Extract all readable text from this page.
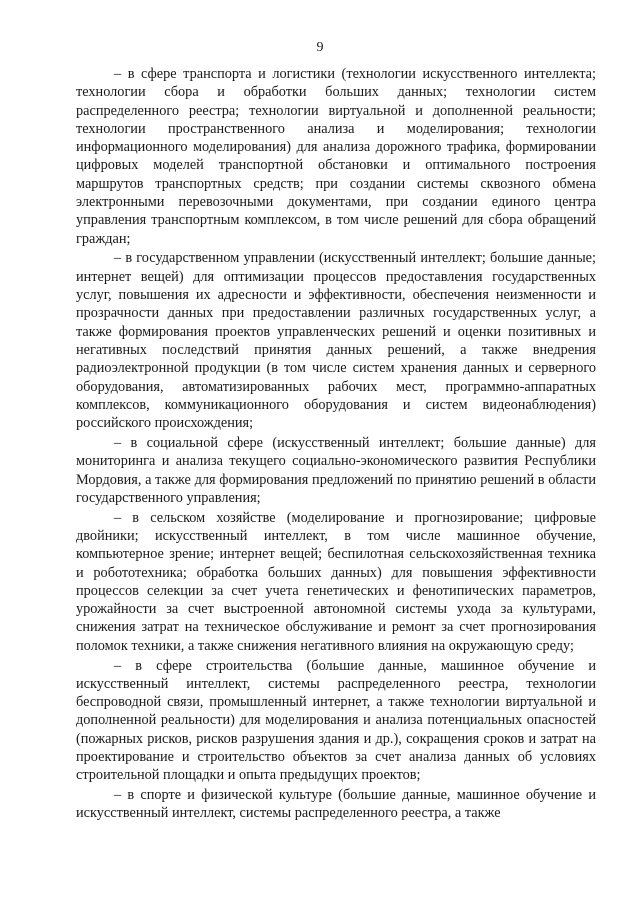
9

– в сфере транспорта и логистики (технологии искусственного интеллекта; технологии сбора и обработки больших данных; технологии систем распределенного реестра; технологии виртуальной и дополненной реальности; технологии пространственного анализа и моделирования; технологии информационного моделирования) для анализа дорожного трафика, формировании цифровых моделей транспортной обстановки и оптимального построения маршрутов транспортных средств; при создании системы сквозного обмена электронными перевозочными документами, при создании единого центра управления транспортным комплексом, в том числе решений для сбора обращений граждан;

– в государственном управлении (искусственный интеллект; большие данные; интернет вещей) для оптимизации процессов предоставления государственных услуг, повышения их адресности и эффективности, обеспечения неизменности и прозрачности данных при предоставлении различных государственных услуг, а также формирования проектов управленческих решений и оценки позитивных и негативных последствий принятия данных решений, а также внедрения радиоэлектронной продукции (в том числе систем хранения данных и серверного оборудования, автоматизированных рабочих мест, программно-аппаратных комплексов, коммуникационного оборудования и систем видеонаблюдения) российского происхождения;

– в социальной сфере (искусственный интеллект; большие данные) для мониторинга и анализа текущего социально-экономического развития Республики Мордовия, а также для формирования предложений по принятию решений в области государственного управления;

– в сельском хозяйстве (моделирование и прогнозирование; цифровые двойники; искусственный интеллект, в том числе машинное обучение, компьютерное зрение; интернет вещей; беспилотная сельскохозяйственная техника и робототехника; обработка больших данных) для повышения эффективности процессов селекции за счет учета генетических и фенотипических параметров, урожайности за счет выстроенной автономной системы ухода за культурами, снижения затрат на техническое обслуживание и ремонт за счет прогнозирования поломок техники, а также снижения негативного влияния на окружающую среду;

– в сфере строительства (большие данные, машинное обучение и искусственный интеллект, системы распределенного реестра, технологии беспроводной связи, промышленный интернет, а также технологии виртуальной и дополненной реальности) для моделирования и анализа потенциальных опасностей (пожарных рисков, рисков разрушения здания и др.), сокращения сроков и затрат на проектирование и строительство объектов за счет анализа данных об условиях строительной площадки и опыта предыдущих проектов;

– в спорте и физической культуре (большие данные, машинное обучение и искусственный интеллект, системы распределенного реестра, а также
